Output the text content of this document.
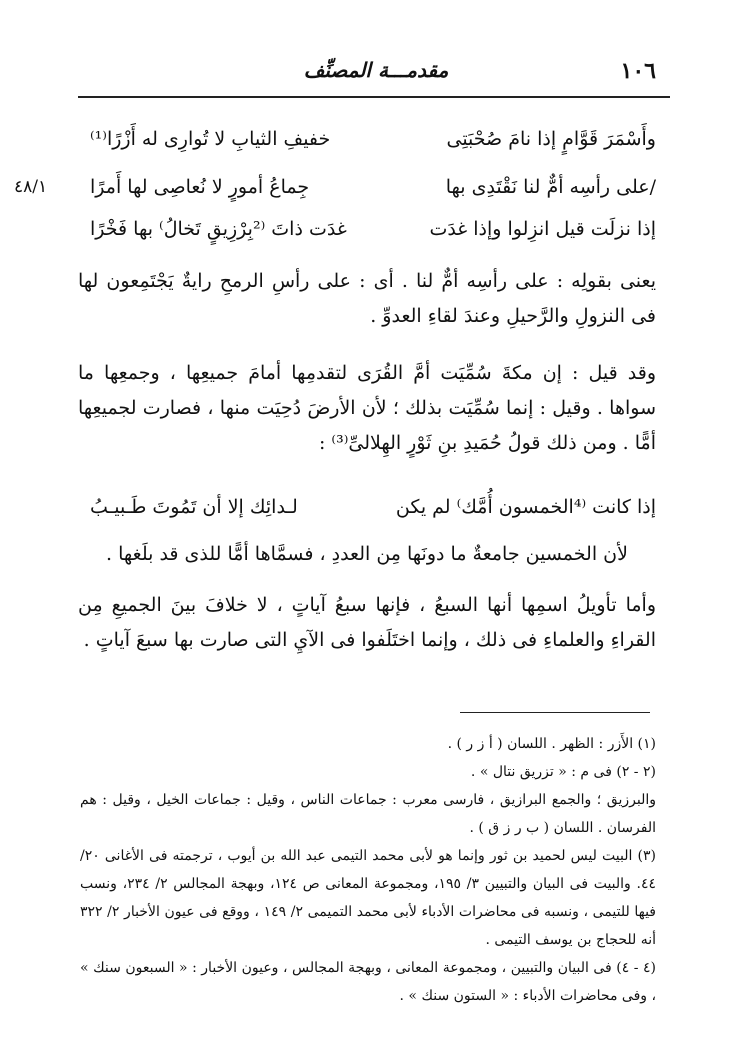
١٠٦
مقدمـــة المصنِّف
وأَسْمَرَ قَوَّامٍ إذا نامَ صُحْبَتِى
خفيفِ الثيابِ لا تُوارِى له أَزْرًا⁽¹⁾
/على رأسِه أمٌّ لنا نَقْتَدِى بها
جِماعُ أمورٍ لا نُعاصِى لها أَمرًا
٤٨/١
إذا نزلَت قيل انزِلوا وإذا غدَت
غدَت ذاتَ ⁽²بِرْزِيقٍ تَخالُ⁾ بها فَخْرًا
يعنى بقولِه : على رأسِه أمٌّ لنا . أى : على رأسِ الرمحِ رايةٌ يَجْتَمِعون لها فى النزولِ والرَّحيلِ وعندَ لقاءِ العدوِّ .
وقد قيل : إن مكةَ سُمِّيَت أمَّ القُرَى لتقدمِها أمامَ جميعِها ، وجمعِها ما سواها . وقيل : إنما سُمِّيَت بذلك ؛ لأن الأرضَ دُحِيَت منها ، فصارت لجميعِها أمًّا . ومن ذلك قولُ حُمَيدِ بنِ ثَوْرٍ الهِلالىِّ⁽³⁾ :
إذا كانت ⁽⁴الخمسون أُمَّك⁾ لم يكن
لـدائِك إلا أن تَمُوتَ طَـبيـبُ
لأن الخمسين جامعةٌ ما دونَها مِن العددِ ، فسمَّاها أمًّا للذى قد بلَغها .
وأما تأويلُ اسمِها أنها السبعُ ، فإنها سبعُ آياتٍ ، لا خلافَ بينَ الجميعِ مِن القراءِ والعلماءِ فى ذلك ، وإنما اختَلَفوا فى الآيِ التى صارت بها سبعَ آياتٍ .

(١) الأَزر : الظهر . اللسان ( أ ز ر ) .

(٢ - ٢) فى م : « تزريق نتال » .

والبرزيق ؛ والجمع البرازيق ، فارسى معرب : جماعات الناس ، وقيل : جماعات الخيل ، وقيل : هم الفرسان . اللسان ( ب ر ز ق ) .

(٣) البيت ليس لحميد بن ثور وإنما هو لأبى محمد التيمى عبد الله بن أيوب ، ترجمته فى الأغانى ٢٠/ ٤٤. والبيت فى البيان والتبيين ٣/ ١٩٥، ومجموعة المعانى ص ١٢٤، وبهجة المجالس ٢/ ٢٣٤، ونسب فيها للتيمى ، ونسبه فى محاضرات الأدباء لأبى محمد التميمى ٢/ ١٤٩ ، ووقع فى عيون الأخبار ٢/ ٣٢٢ أنه للحجاج بن يوسف التيمى .

(٤ - ٤) فى البيان والتبيين ، ومجموعة المعانى ، وبهجة المجالس ، وعيون الأخبار : « السبعون سنك » ، وفى محاضرات الأدباء : « الستون سنك » .
